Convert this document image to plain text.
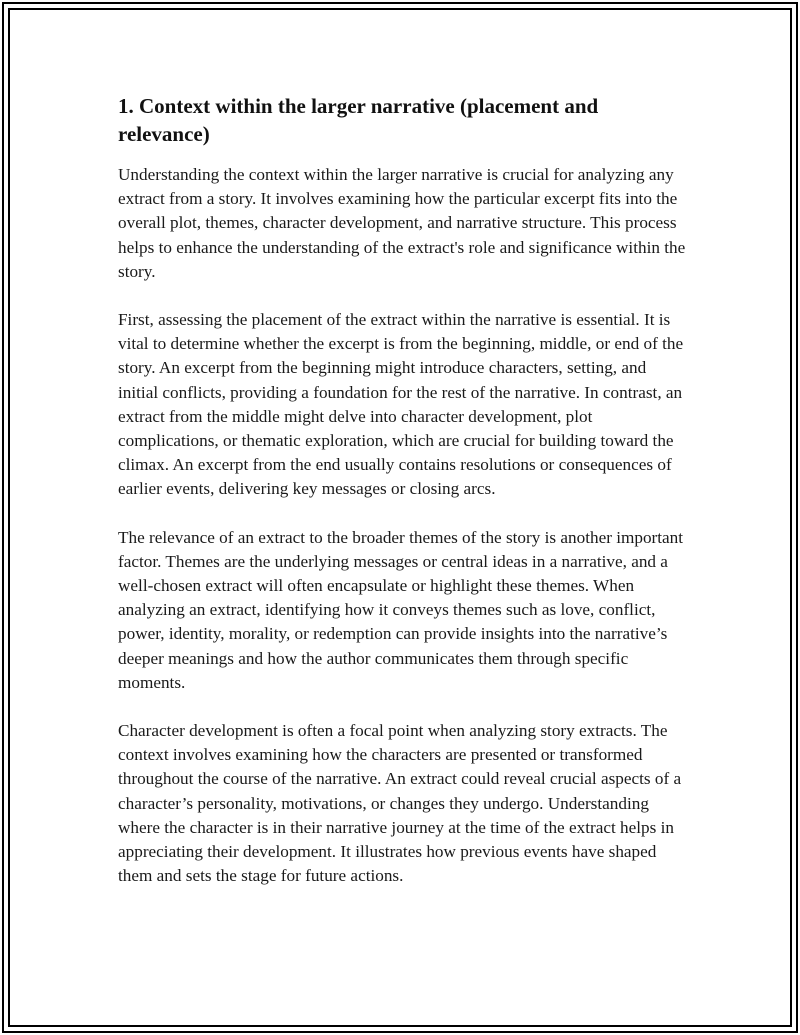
1. Context within the larger narrative (placement and relevance)

Understanding the context within the larger narrative is crucial for analyzing any extract from a story. It involves examining how the particular excerpt fits into the overall plot, themes, character development, and narrative structure. This process helps to enhance the understanding of the extract's role and significance within the story.

First, assessing the placement of the extract within the narrative is essential. It is vital to determine whether the excerpt is from the beginning, middle, or end of the story. An excerpt from the beginning might introduce characters, setting, and initial conflicts, providing a foundation for the rest of the narrative. In contrast, an extract from the middle might delve into character development, plot complications, or thematic exploration, which are crucial for building toward the climax. An excerpt from the end usually contains resolutions or consequences of earlier events, delivering key messages or closing arcs.

The relevance of an extract to the broader themes of the story is another important factor. Themes are the underlying messages or central ideas in a narrative, and a well-chosen extract will often encapsulate or highlight these themes. When analyzing an extract, identifying how it conveys themes such as love, conflict, power, identity, morality, or redemption can provide insights into the narrative’s deeper meanings and how the author communicates them through specific moments.

Character development is often a focal point when analyzing story extracts. The context involves examining how the characters are presented or transformed throughout the course of the narrative. An extract could reveal crucial aspects of a character’s personality, motivations, or changes they undergo. Understanding where the character is in their narrative journey at the time of the extract helps in appreciating their development. It illustrates how previous events have shaped them and sets the stage for future actions.
